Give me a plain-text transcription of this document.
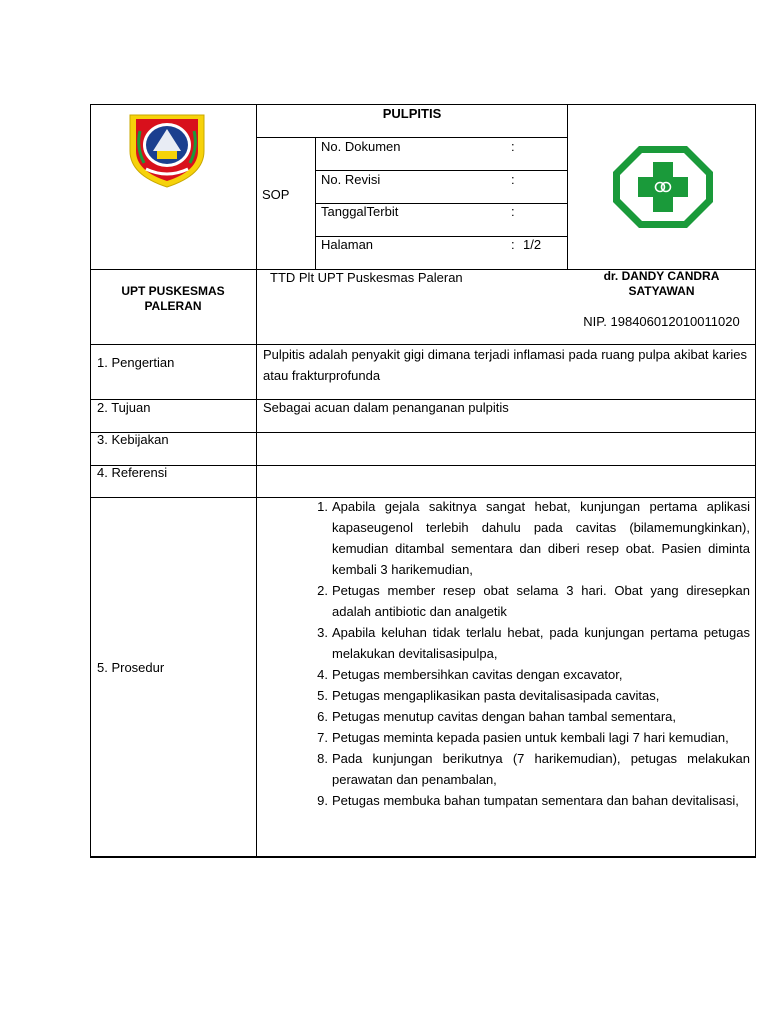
PULPITIS
SOP
No. Dokumen	:
No. Revisi	:
TanggalTerbit	:
Halaman	: 1/2
UPT PUSKESMAS
PALERAN
TTD Plt UPT Puskesmas Paleran	dr. DANDY CANDRA
SATYAWAN
NIP. 198406012010011020
1. Pengertian
Pulpitis adalah penyakit gigi dimana terjadi inflamasi pada ruang pulpa akibat karies atau frakturprofunda
2. Tujuan	Sebagai acuan dalam penanganan pulpitis
3. Kebijakan
4. Referensi
5. Prosedur
1. Apabila gejala sakitnya sangat hebat, kunjungan pertama aplikasi kapaseugenol terlebih dahulu pada cavitas (bilamemungkinkan), kemudian ditambal sementara dan diberi resep obat. Pasien diminta kembali 3 harikemudian,
2. Petugas member resep obat selama 3 hari. Obat yang diresepkan adalah antibiotic dan analgetik
3. Apabila keluhan tidak terlalu hebat, pada kunjungan pertama petugas melakukan devitalisasipulpa,
4. Petugas membersihkan cavitas dengan excavator,
5. Petugas mengaplikasikan pasta devitalisasipada cavitas,
6. Petugas menutup cavitas dengan bahan tambal sementara,
7. Petugas meminta kepada pasien untuk kembali lagi 7 hari kemudian,
8. Pada kunjungan berikutnya (7 harikemudian), petugas melakukan perawatan dan penambalan,
9. Petugas membuka bahan tumpatan sementara dan bahan devitalisasi,
